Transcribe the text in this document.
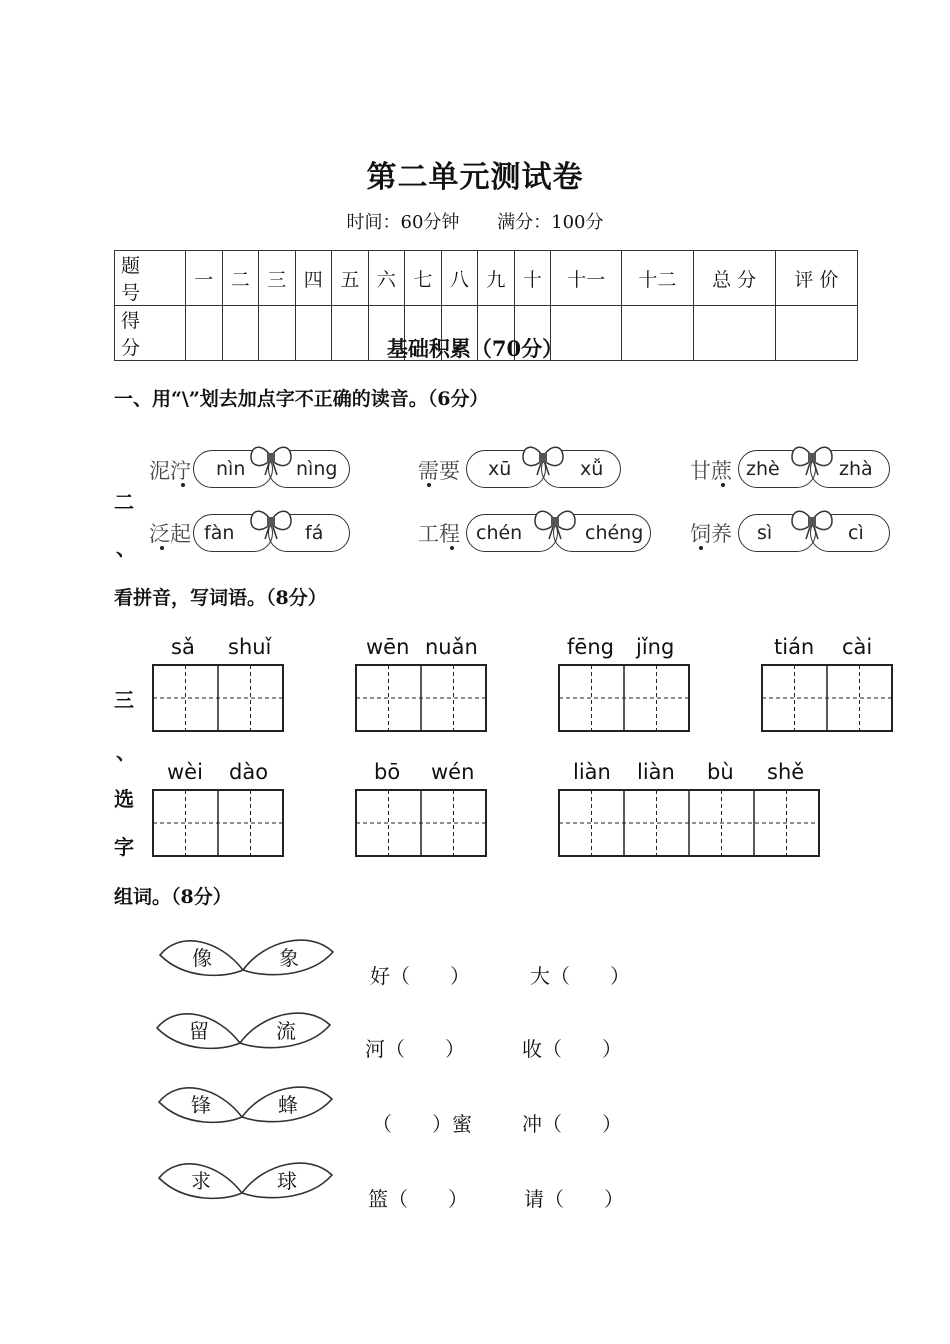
第二单元测试卷
时间：60分钟 满分：100分
题 号	一	二	三	四	五	六	七	八	九	十	十一	十二	总 分	评 价
得 分															基础积累（70分）
一、用“\”划去加点字不正确的读音。（6分）
泥泞 nìn	nìng	需要 xū	xǚ	甘蔗 zhè	zhà
泛起 fàn	fá	工程 chén	chéng 饲养 sì	cì
二
、
看拼音，写词语。（8分）
sǎ shuǐ	wēn nuǎn	fēng jǐng	tián cài
wèi dào	bō wén	liàn liàn bù shě
三
、
选
字
组词。（8分）
像	象
留	流
锋	蜂
求	球
好（　　）	大（　　）
河（　　）	收（　　）
（　　）蜜	冲（　　）
篮（　　）	请（　　）
